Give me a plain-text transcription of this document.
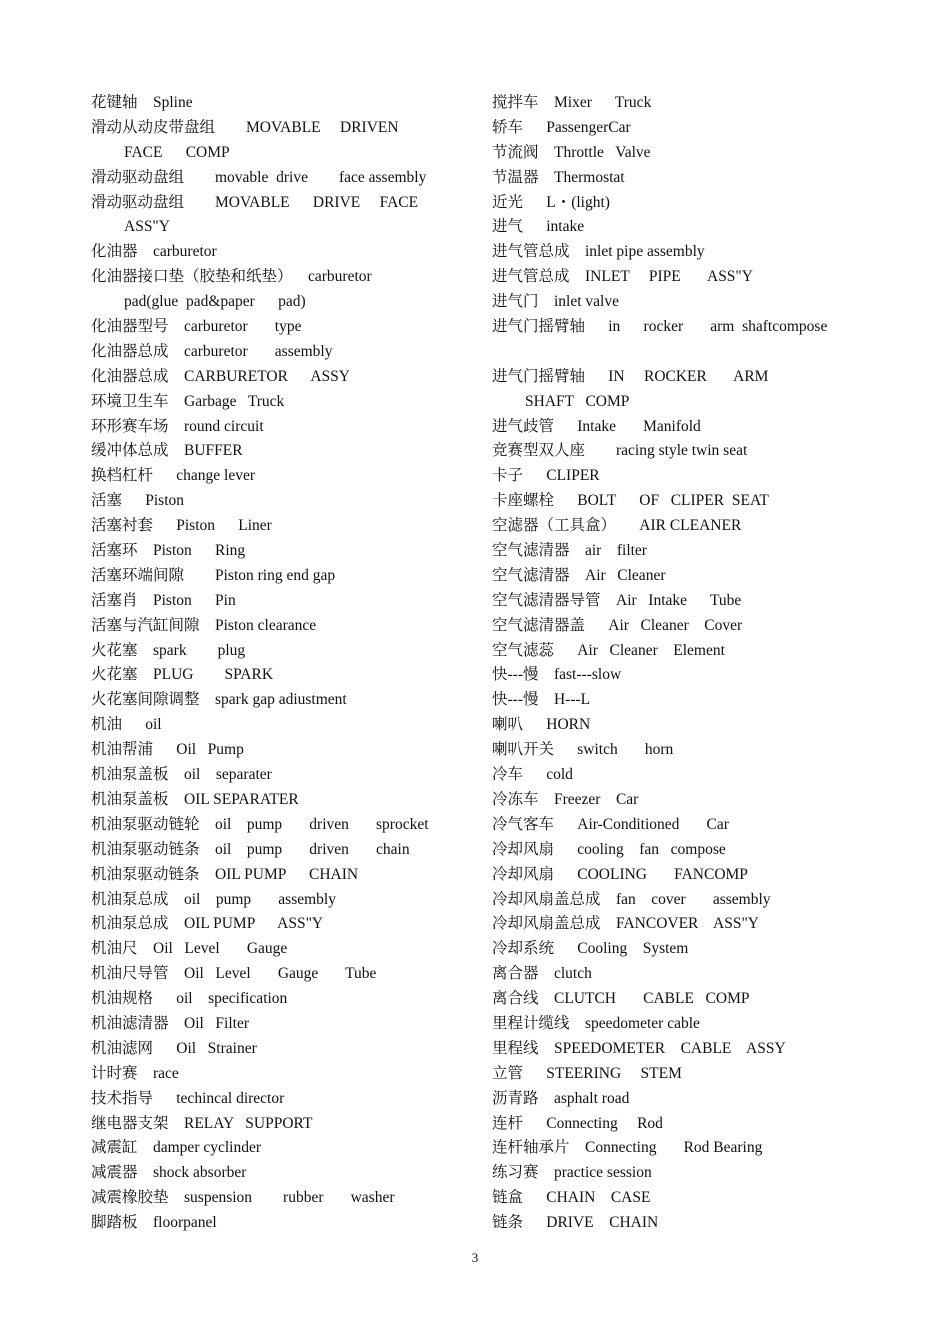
花键轴    Spline
滑动从动皮带盘组        MOVABLE     DRIVEN
FACE      COMP
滑动驱动盘组        movable  drive        face assembly
滑动驱动盘组        MOVABLE      DRIVE     FACE
ASS"Y
化油器    carburetor
化油器接口垫（胶垫和纸垫）    carburetor
pad(glue  pad&paper      pad)
化油器型号    carburetor       type
化油器总成    carburetor       assembly
化油器总成    CARBURETOR      ASSY
环境卫生车    Garbage   Truck
环形赛车场    round circuit
缓冲体总成    BUFFER
换档杠杆      change lever
活塞      Piston
活塞衬套      Piston      Liner
活塞环    Piston      Ring
活塞环端间隙        Piston ring end gap
活塞肖    Piston      Pin
活塞与汽缸间隙    Piston clearance
火花塞    spark        plug
火花塞    PLUG        SPARK
火花塞间隙调整    spark gap adiustment
机油      oil
机油帮浦      Oil   Pump
机油泵盖板    oil    separater
机油泵盖板    OIL SEPARATER
机油泵驱动链轮    oil    pump       driven       sprocket
机油泵驱动链条    oil    pump       driven       chain
机油泵驱动链条    OIL PUMP      CHAIN
机油泵总成    oil    pump       assembly
机油泵总成    OIL PUMP      ASS"Y
机油尺    Oil   Level       Gauge
机油尺导管    Oil   Level       Gauge       Tube
机油规格      oil    specification
机油滤清器    Oil   Filter
机油滤网      Oil   Strainer
计时赛    race
技术指导      techincal director
继电器支架    RELAY   SUPPORT
减震缸    damper cyclinder
减震器    shock absorber
减震橡胶垫    suspension        rubber       washer
脚踏板    floorpanel
搅拌车    Mixer      Truck
轿车      PassengerCar
节流阀    Throttle   Valve
节温器    Thermostat
近光      L・(light)
进气      intake
进气管总成    inlet pipe assembly
进气管总成    INLET     PIPE       ASS"Y
进气门    inlet valve
进气门摇臂轴      in      rocker       arm  shaftcompose
进气门摇臂轴      IN     ROCKER       ARM
SHAFT   COMP
进气歧管      Intake       Manifold
竞赛型双人座        racing style twin seat
卡子      CLIPER
卡座螺栓      BOLT      OF   CLIPER  SEAT
空滤器（工具盒）      AIR CLEANER
空气滤清器    air    filter
空气滤清器    Air   Cleaner
空气滤清器导管    Air   Intake      Tube
空气滤清器盖      Air   Cleaner    Cover
空气滤蕊      Air   Cleaner    Element
快---慢    fast---slow
快---慢    H---L
喇叭      HORN
喇叭开关      switch       horn
冷车      cold
冷冻车    Freezer    Car
冷气客车      Air-Conditioned       Car
冷却风扇      cooling    fan   compose
冷却风扇      COOLING       FANCOMP
冷却风扇盖总成    fan    cover       assembly
冷却风扇盖总成    FANCOVER    ASS"Y
冷却系统      Cooling    System
离合器    clutch
离合线    CLUTCH       CABLE   COMP
里程计缆线    speedometer cable
里程线    SPEEDOMETER    CABLE    ASSY
立管      STEERING     STEM
沥青路    asphalt road
连杆      Connecting     Rod
连杆轴承片    Connecting       Rod Bearing
练习赛    practice session
链盒      CHAIN    CASE
链条      DRIVE    CHAIN
3
